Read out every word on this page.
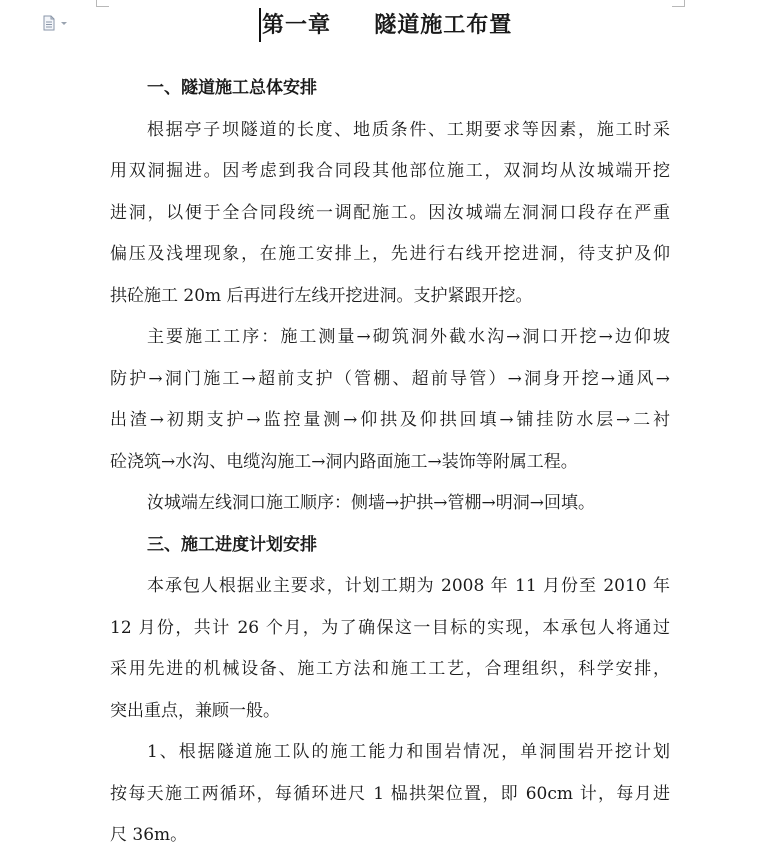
第一章     隧道施工布置
一、隧道施工总体安排
根据亭子坝隧道的长度、地质条件、工期要求等因素，施工时采
用双洞掘进。因考虑到我合同段其他部位施工，双洞均从汝城端开挖
进洞，以便于全合同段统一调配施工。因汝城端左洞洞口段存在严重
偏压及浅埋现象，在施工安排上，先进行右线开挖进洞，待支护及仰
拱砼施工 20m 后再进行左线开挖进洞。支护紧跟开挖。
主要施工工序：施工测量→砌筑洞外截水沟→洞口开挖→边仰坡
防护→洞门施工→超前支护（管棚、超前导管）→洞身开挖→通风→
出渣→初期支护→监控量测→仰拱及仰拱回填→铺挂防水层→二衬
砼浇筑→水沟、电缆沟施工→洞内路面施工→装饰等附属工程。
汝城端左线洞口施工顺序：侧墙→护拱→管棚→明洞→回填。
三、施工进度计划安排
本承包人根据业主要求，计划工期为 2008 年 11 月份至 2010 年
12 月份，共计 26 个月，为了确保这一目标的实现，本承包人将通过
采用先进的机械设备、施工方法和施工工艺，合理组织，科学安排，
突出重点，兼顾一般。
1、根据隧道施工队的施工能力和围岩情况，单洞围岩开挖计划
按每天施工两循环，每循环进尺 1 榀拱架位置，即 60cm 计，每月进
尺 36m。
